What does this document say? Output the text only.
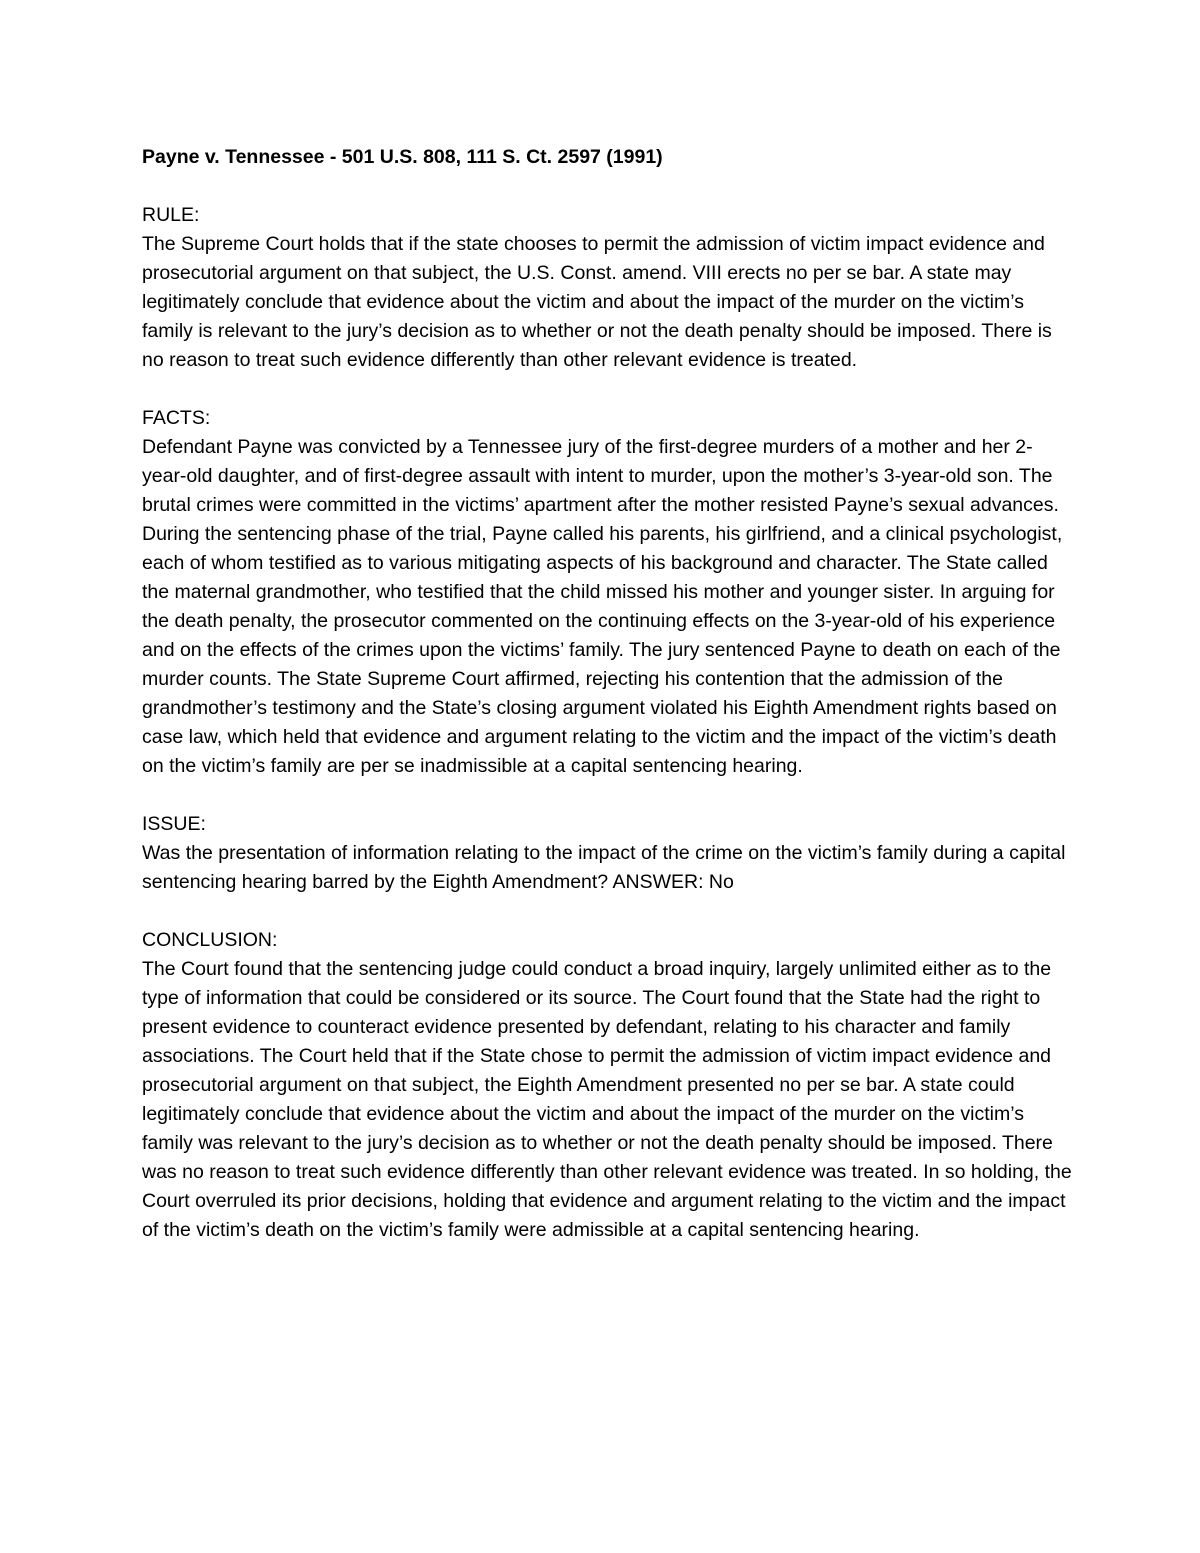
Payne v. Tennessee - 501 U.S. 808, 111 S. Ct. 2597 (1991)

RULE:

The Supreme Court holds that if the state chooses to permit the admission of victim impact evidence and prosecutorial argument on that subject, the U.S. Const. amend. VIII erects no per se bar. A state may legitimately conclude that evidence about the victim and about the impact of the murder on the victim’s family is relevant to the jury’s decision as to whether or not the death penalty should be imposed. There is no reason to treat such evidence differently than other relevant evidence is treated.

FACTS:

Defendant Payne was convicted by a Tennessee jury of the first-degree murders of a mother and her 2-year-old daughter, and of first-degree assault with intent to murder, upon the mother’s 3-year-old son. The brutal crimes were committed in the victims’ apartment after the mother resisted Payne’s sexual advances. During the sentencing phase of the trial, Payne called his parents, his girlfriend, and a clinical psychologist, each of whom testified as to various mitigating aspects of his background and character. The State called the maternal grandmother, who testified that the child missed his mother and younger sister. In arguing for the death penalty, the prosecutor commented on the continuing effects on the 3-year-old of his experience and on the effects of the crimes upon the victims’ family. The jury sentenced Payne to death on each of the murder counts. The State Supreme Court affirmed, rejecting his contention that the admission of the grandmother’s testimony and the State’s closing argument violated his Eighth Amendment rights based on case law, which held that evidence and argument relating to the victim and the impact of the victim’s death on the victim’s family are per se inadmissible at a capital sentencing hearing.

ISSUE:

Was the presentation of information relating to the impact of the crime on the victim’s family during a capital sentencing hearing barred by the Eighth Amendment? ANSWER: No

CONCLUSION:

The Court found that the sentencing judge could conduct a broad inquiry, largely unlimited either as to the type of information that could be considered or its source. The Court found that the State had the right to present evidence to counteract evidence presented by defendant, relating to his character and family associations. The Court held that if the State chose to permit the admission of victim impact evidence and prosecutorial argument on that subject, the Eighth Amendment presented no per se bar. A state could legitimately conclude that evidence about the victim and about the impact of the murder on the victim’s family was relevant to the jury’s decision as to whether or not the death penalty should be imposed. There was no reason to treat such evidence differently than other relevant evidence was treated. In so holding, the Court overruled its prior decisions, holding that evidence and argument relating to the victim and the impact of the victim’s death on the victim’s family were admissible at a capital sentencing hearing.
